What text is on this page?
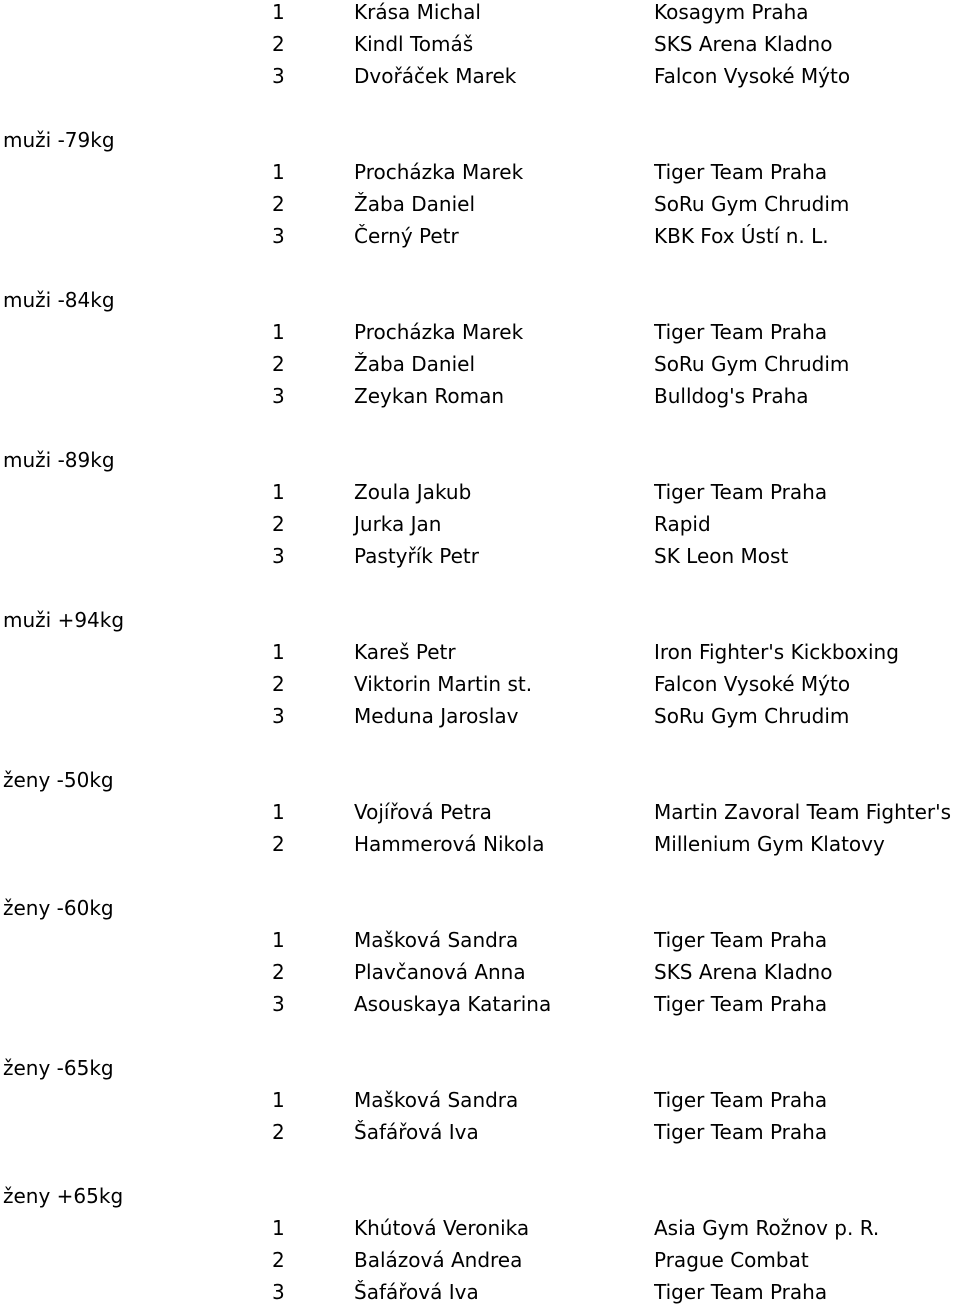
1	Krása Michal	Kosagym Praha
2	Kindl Tomáš	SKS Arena Kladno
3	Dvořáček Marek	Falcon Vysoké Mýto
muži -79kg
1	Procházka Marek	Tiger Team Praha
2	Žaba Daniel	SoRu Gym Chrudim
3	Černý Petr	KBK Fox Ústí n. L.
muži -84kg
1	Procházka Marek	Tiger Team Praha
2	Žaba Daniel	SoRu Gym Chrudim
3	Zeykan Roman	Bulldog's Praha
muži -89kg
1	Zoula Jakub	Tiger Team Praha
2	Jurka Jan	Rapid
3	Pastyřík Petr	SK Leon Most
muži +94kg
1	Kareš Petr	Iron Fighter's Kickboxing
2	Viktorin Martin st.	Falcon Vysoké Mýto
3	Meduna Jaroslav	SoRu Gym Chrudim
ženy -50kg
1	Vojířová Petra	Martin Zavoral Team Fighter's
2	Hammerová Nikola	Millenium Gym Klatovy
ženy -60kg
1	Mašková Sandra	Tiger Team Praha
2	Plavčanová Anna	SKS Arena Kladno
3	Asouskaya Katarina	Tiger Team Praha
ženy -65kg
1	Mašková Sandra	Tiger Team Praha
2	Šafářová Iva	Tiger Team Praha
ženy +65kg
1	Khútová Veronika	Asia Gym Rožnov p. R.
2	Balázová Andrea	Prague Combat
3	Šafářová Iva	Tiger Team Praha
